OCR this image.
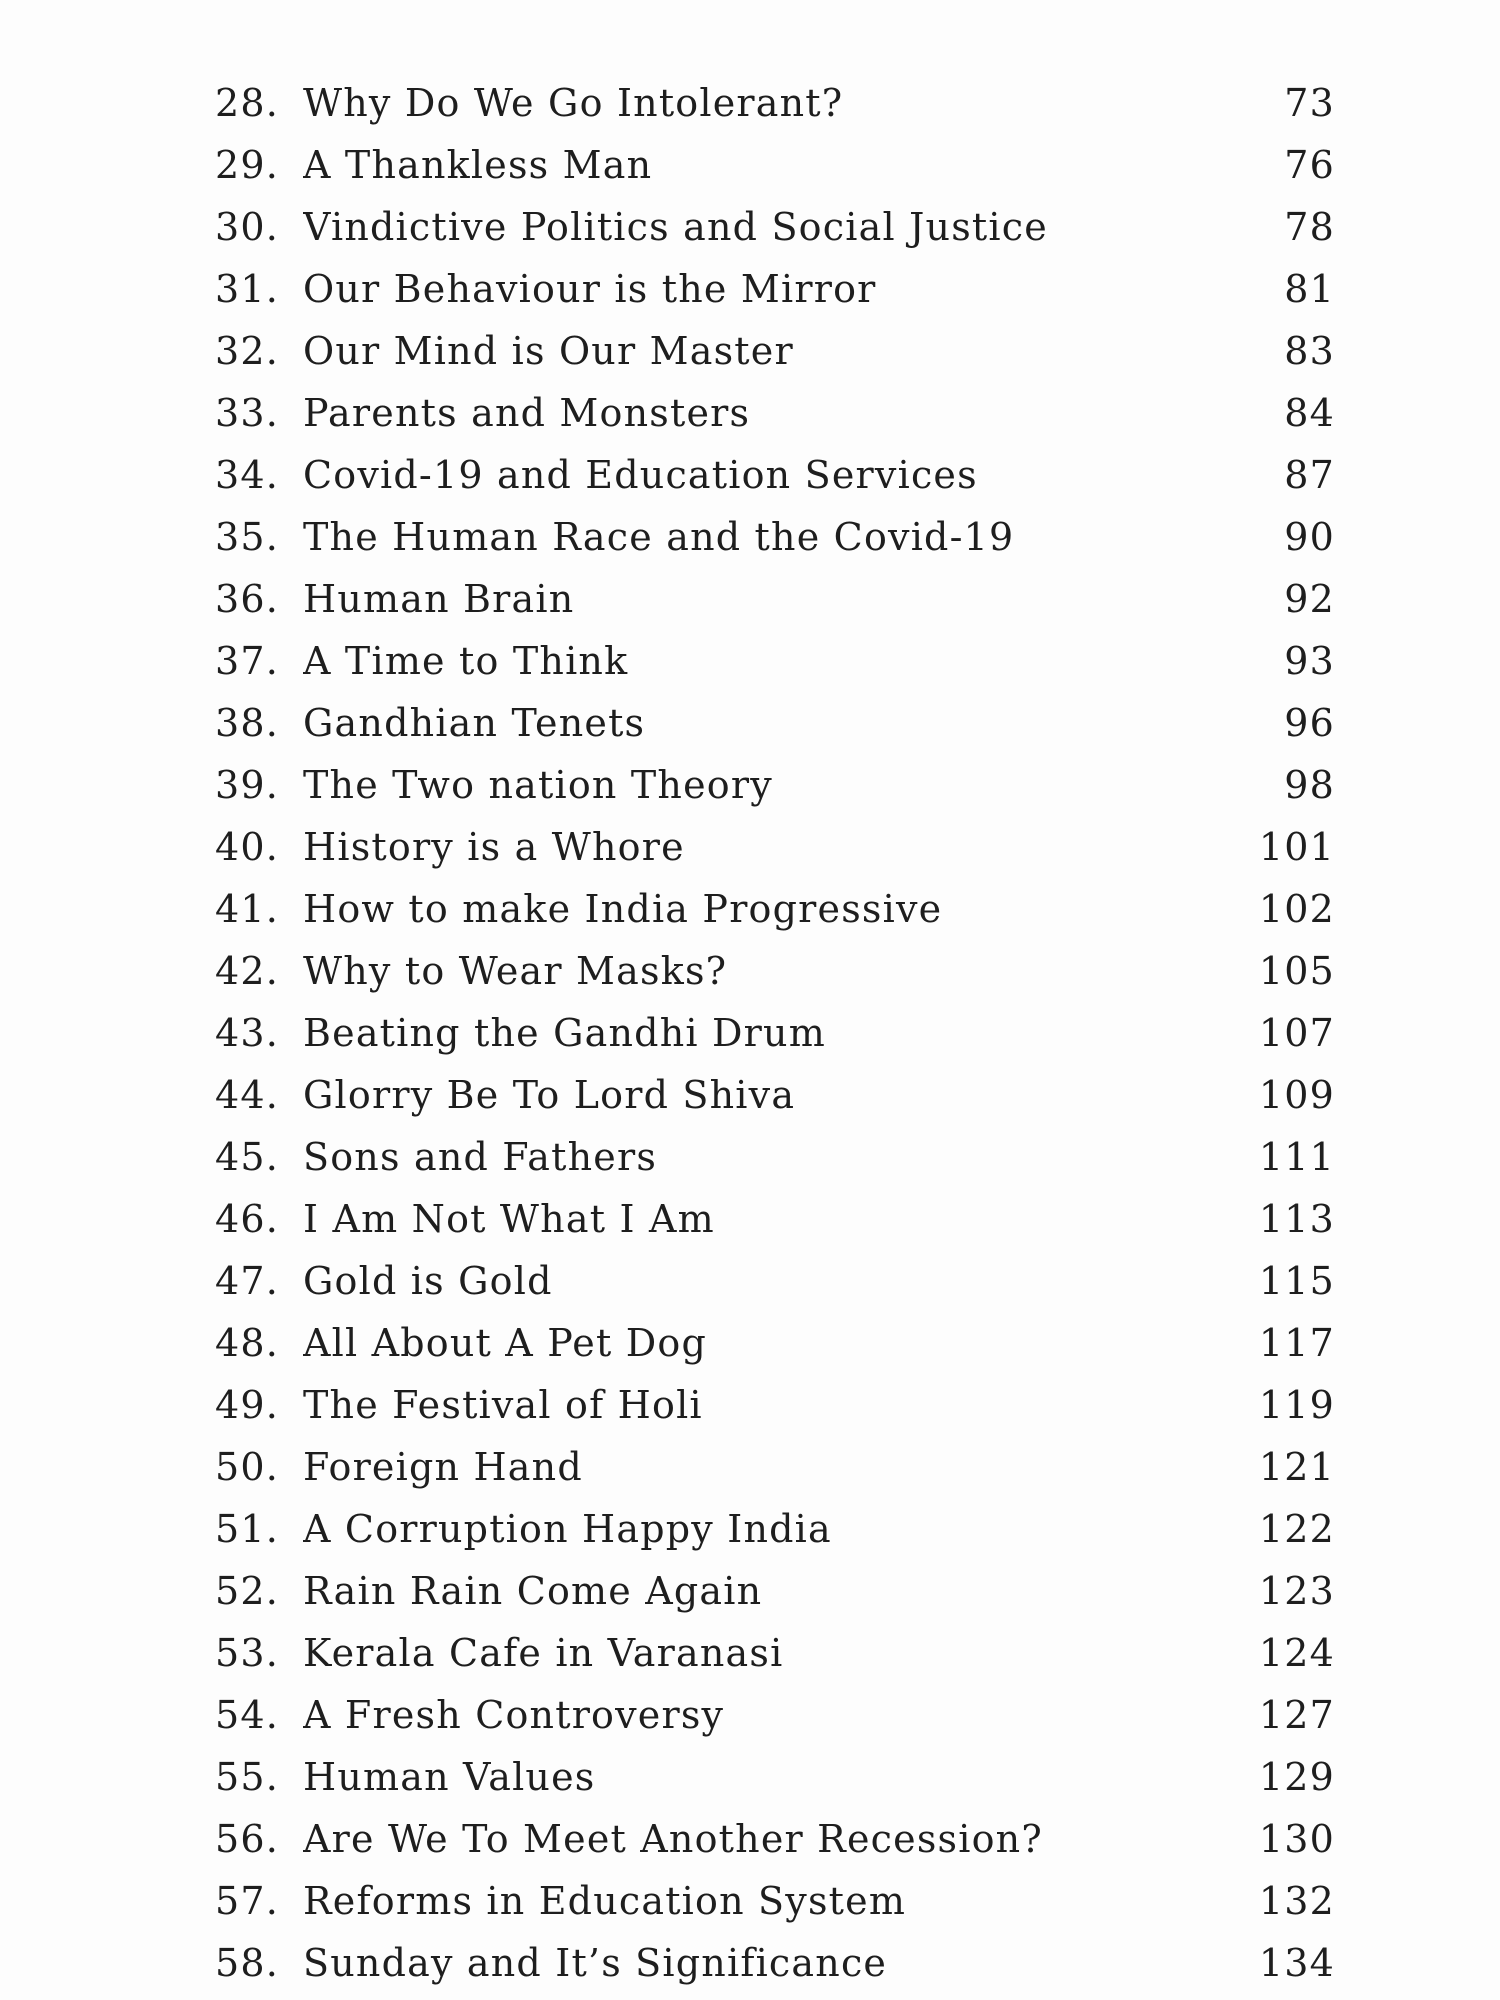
28. Why Do We Go Intolerant?	73
29. A Thankless Man	76
30. Vindictive Politics and Social Justice	78
31. Our Behaviour is the Mirror	81
32. Our Mind is Our Master	83
33. Parents and Monsters	84
34. Covid-19 and Education Services	87
35. The Human Race and the Covid-19	90
36. Human Brain	92
37. A Time to Think	93
38. Gandhian Tenets	96
39. The Two nation Theory	98
40. History is a Whore	101
41. How to make India Progressive	102
42. Why to Wear Masks?	105
43. Beating the Gandhi Drum	107
44. Glorry Be To Lord Shiva	109
45. Sons and Fathers	111
46. I Am Not What I Am	113
47. Gold is Gold	115
48. All About A Pet Dog	117
49. The Festival of Holi	119
50. Foreign Hand	121
51. A Corruption Happy India	122
52. Rain Rain Come Again	123
53. Kerala Cafe in Varanasi	124
54. A Fresh Controversy	127
55. Human Values	129
56. Are We To Meet Another Recession?	130
57. Reforms in Education System	132
58. Sunday and It’s Significance	134
